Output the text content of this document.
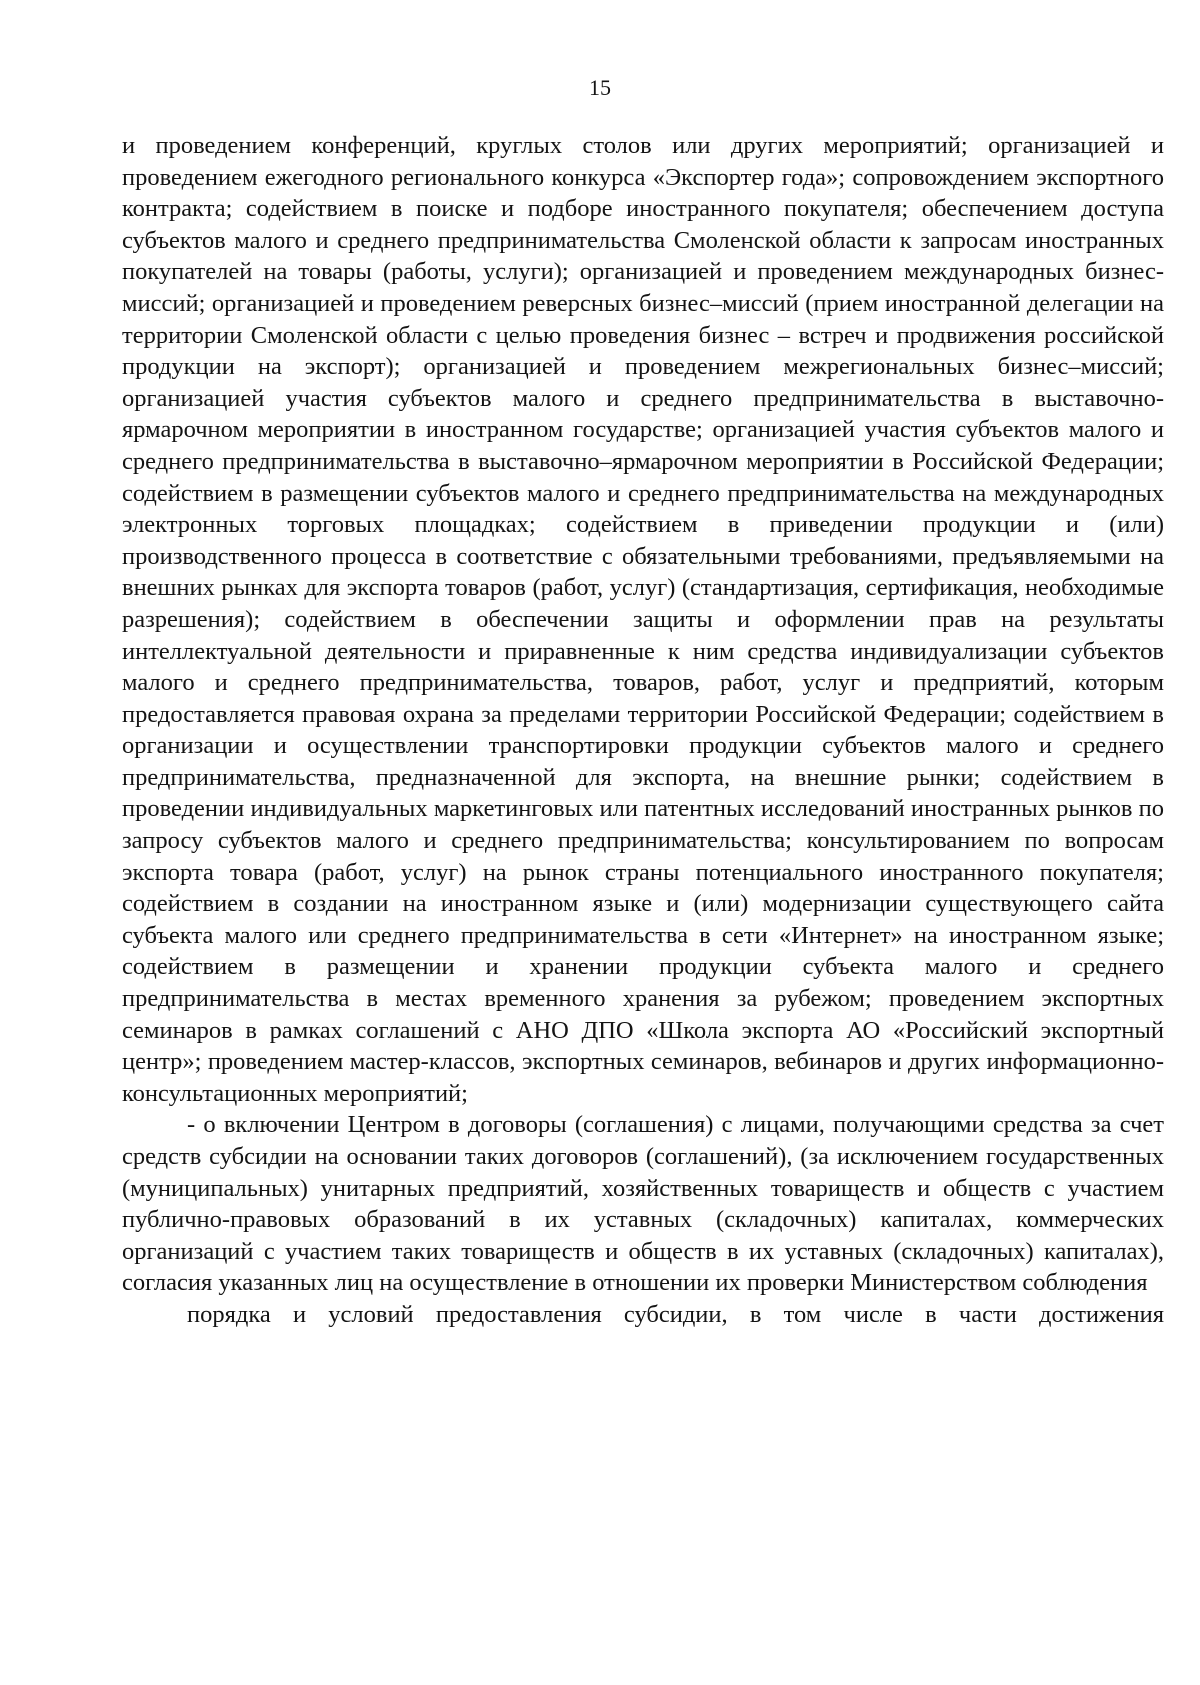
15

и проведением конференций, круглых столов или других мероприятий; организацией и проведением ежегодного регионального конкурса «Экспортер года»; сопровождением экспортного контракта; содействием в поиске и подборе иностранного покупателя; обеспечением доступа субъектов малого и среднего предпринимательства Смоленской области к запросам иностранных покупателей на товары (работы, услуги); организацией и проведением международных бизнес-миссий; организацией и проведением реверсных бизнес–миссий (прием иностранной делегации на территории Смоленской области с целью проведения бизнес – встреч и продвижения российской продукции на экспорт); организацией и проведением межрегиональных бизнес–миссий; организацией участия субъектов малого и среднего предпринимательства в выставочно-ярмарочном мероприятии в иностранном государстве; организацией участия субъектов малого и среднего предпринимательства в выставочно–ярмарочном мероприятии в Российской Федерации; содействием в размещении субъектов малого и среднего предпринимательства на международных электронных торговых площадках; содействием в приведении продукции и (или) производственного процесса в соответствие с обязательными требованиями, предъявляемыми на внешних рынках для экспорта товаров (работ, услуг) (стандартизация, сертификация, необходимые разрешения); содействием в обеспечении защиты и оформлении прав на результаты интеллектуальной деятельности и приравненные к ним средства индивидуализации субъектов малого и среднего предпринимательства, товаров, работ, услуг и предприятий, которым предоставляется правовая охрана за пределами территории Российской Федерации; содействием в организации и осуществлении транспортировки продукции субъектов малого и среднего предпринимательства, предназначенной для экспорта, на внешние рынки; содействием в проведении индивидуальных маркетинговых или патентных исследований иностранных рынков по запросу субъектов малого и среднего предпринимательства; консультированием по вопросам экспорта товара (работ, услуг) на рынок страны потенциального иностранного покупателя; содействием в создании на иностранном языке и (или) модернизации существующего сайта субъекта малого или среднего предпринимательства в сети «Интернет» на иностранном языке; содействием в размещении и хранении продукции субъекта малого и среднего предпринимательства в местах временного хранения за рубежом; проведением экспортных семинаров в рамках соглашений с АНО ДПО «Школа экспорта АО «Российский экспортный центр»; проведением мастер-классов, экспортных семинаров, вебинаров и других информационно-консультационных мероприятий;

- о включении Центром в договоры (соглашения) с лицами, получающими средства за счет средств субсидии на основании таких договоров (соглашений), (за исключением государственных (муниципальных) унитарных предприятий, хозяйственных товариществ и обществ с участием публично-правовых образований в их уставных (складочных) капиталах, коммерческих организаций с участием таких товариществ и обществ в их уставных (складочных) капиталах), согласия указанных лиц на осуществление в отношении их проверки Министерством соблюдения
порядка и условий предоставления субсидии, в том числе в части достижения
